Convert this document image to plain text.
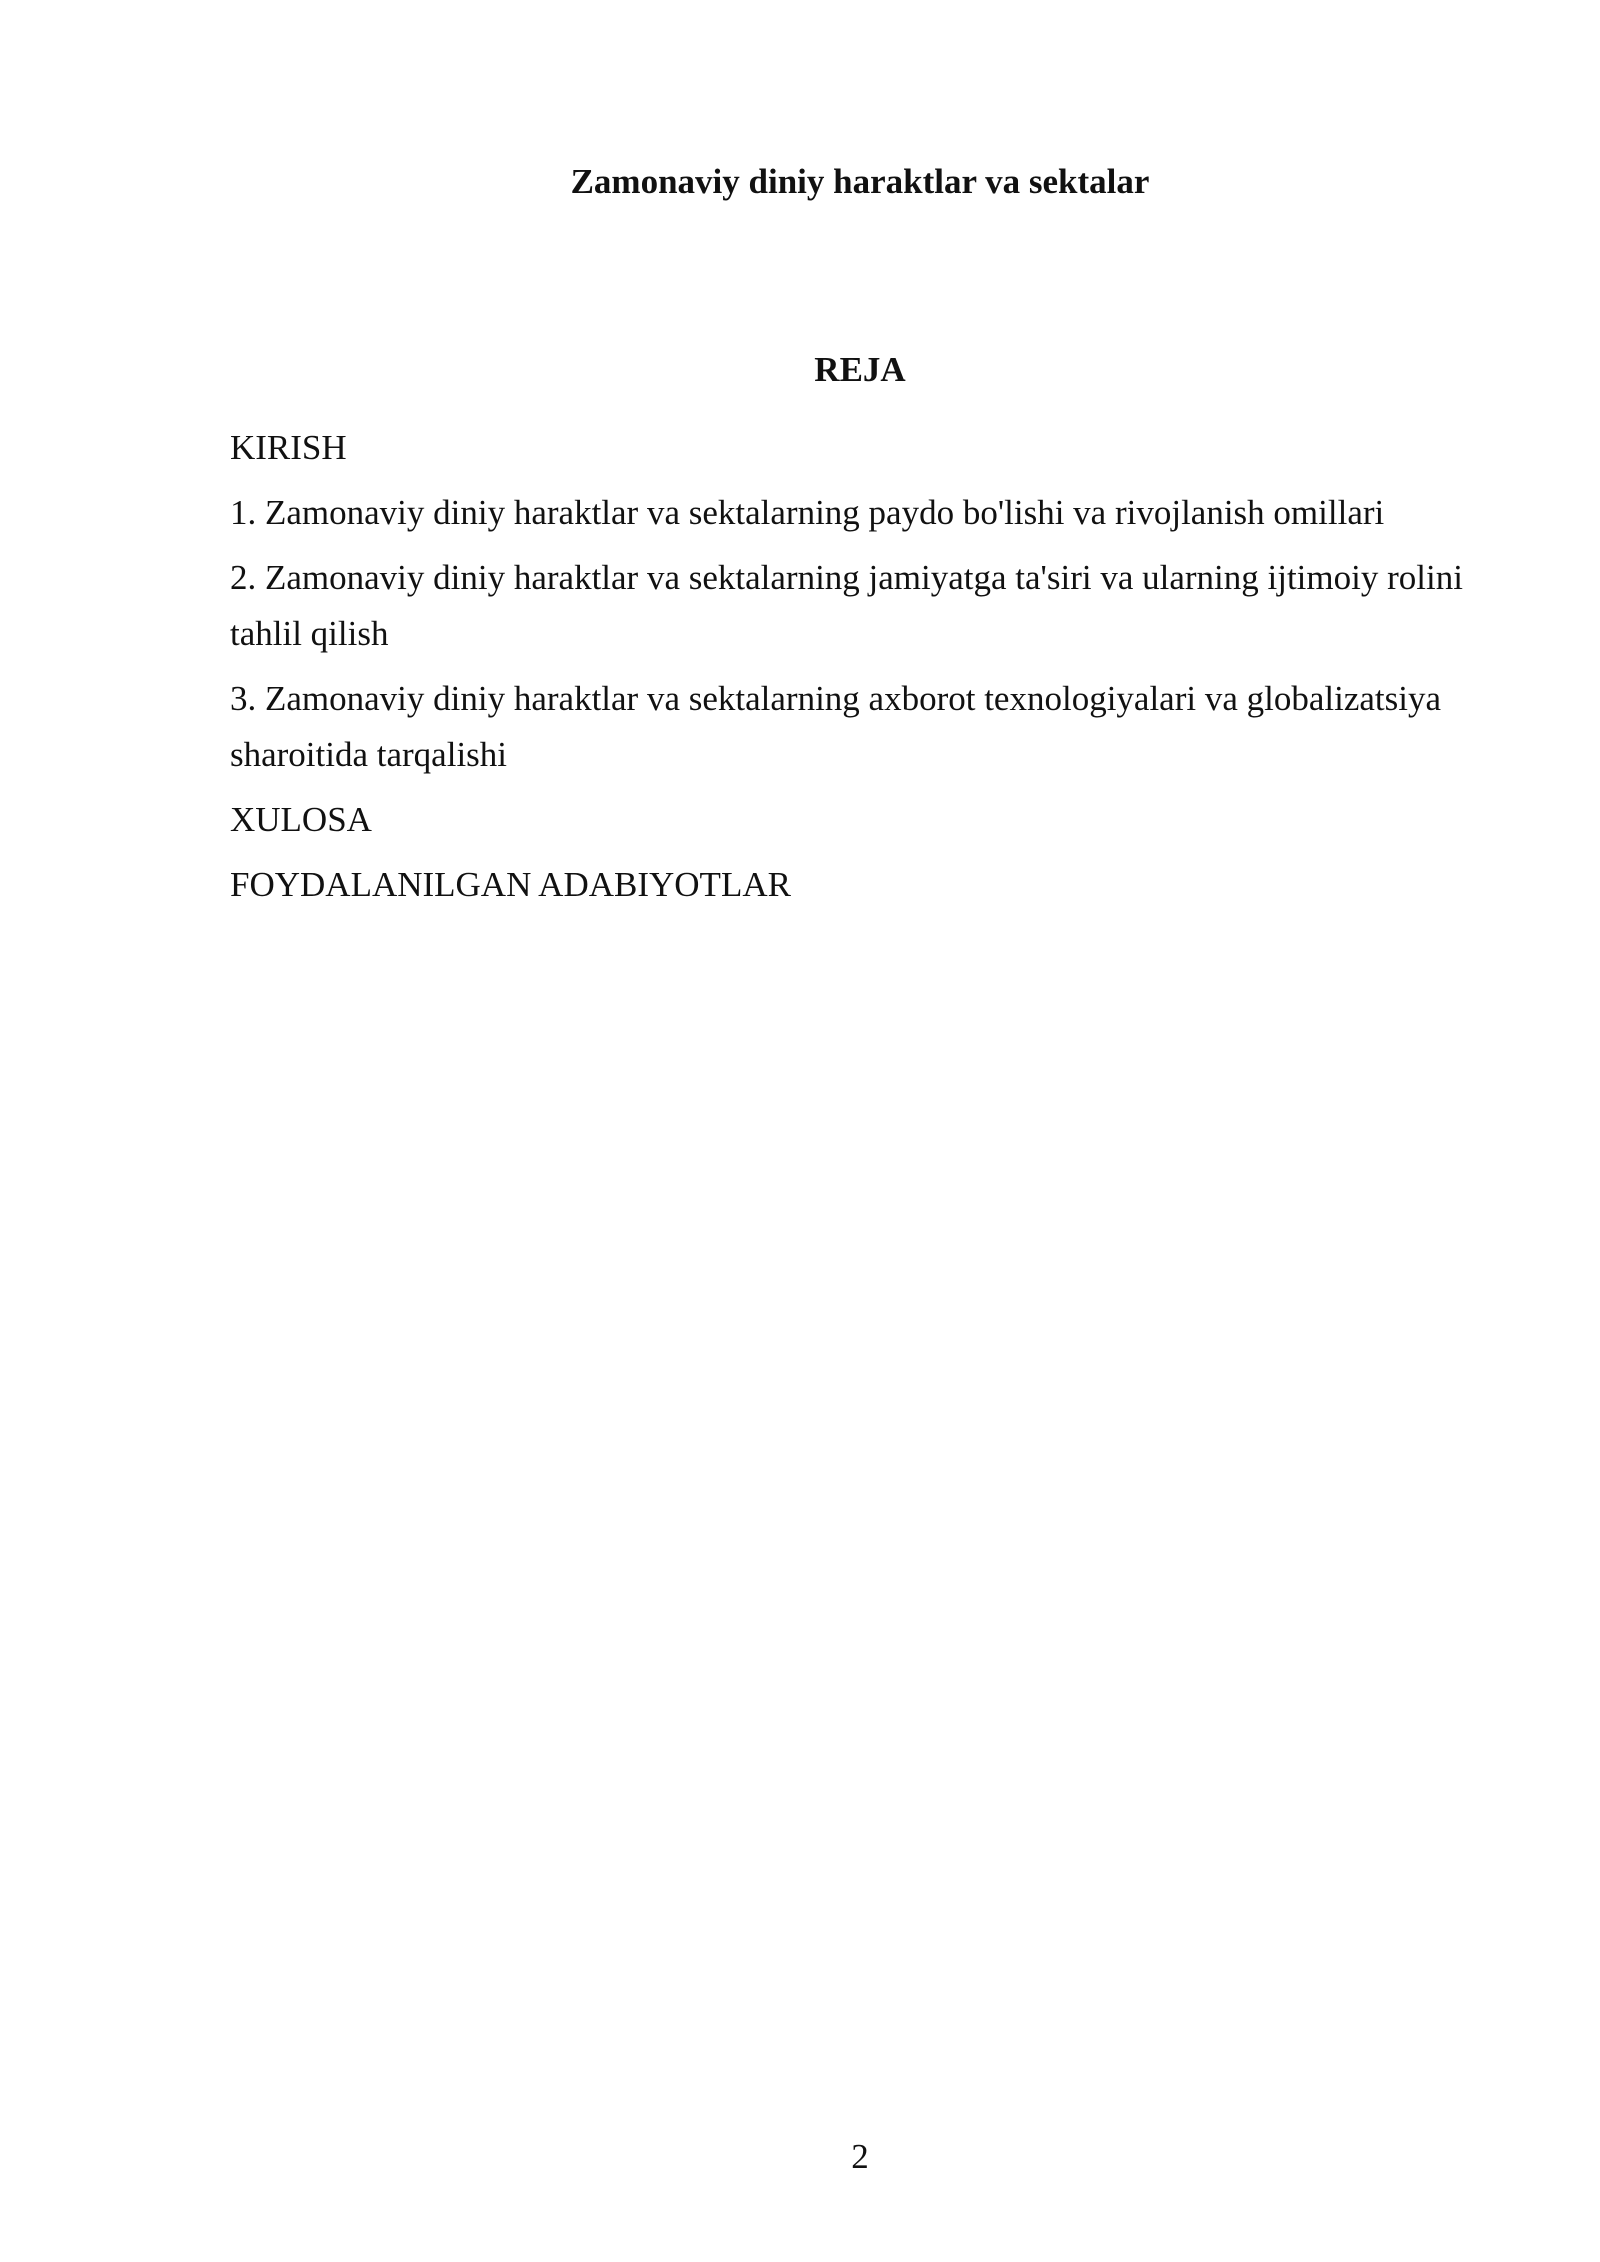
Zamonaviy diniy haraktlar va sektalar
REJA
KIRISH
1. Zamonaviy diniy haraktlar va sektalarning paydo bo'lishi va rivojlanish omillari
2. Zamonaviy diniy haraktlar va sektalarning jamiyatga ta'siri va ularning ijtimoiy rolini tahlil qilish
3. Zamonaviy diniy haraktlar va sektalarning axborot texnologiyalari va globalizatsiya sharoitida tarqalishi
XULOSA
FOYDALANILGAN ADABIYOTLAR
2
